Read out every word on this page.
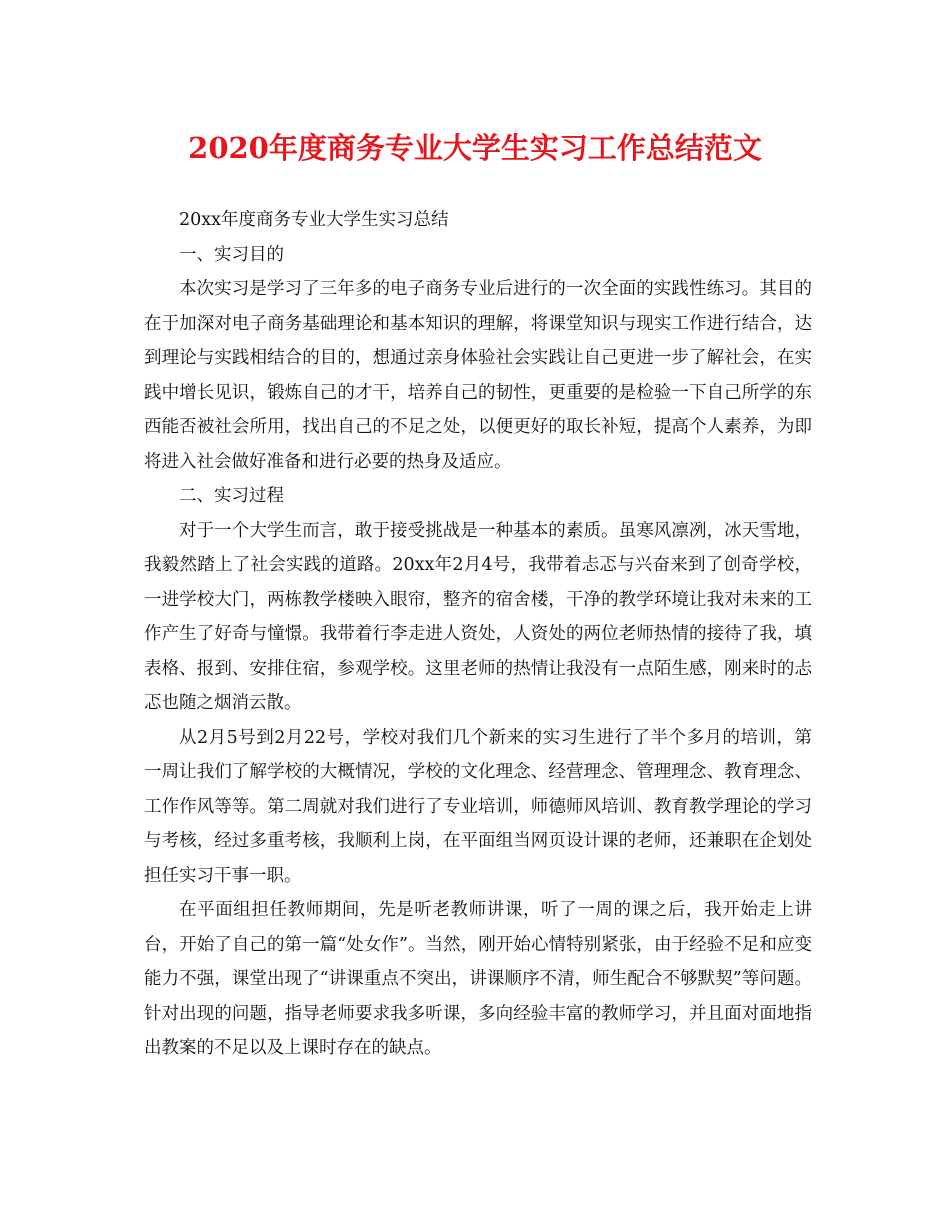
2020年度商务专业大学生实习工作总结范文

20xx年度商务专业大学生实习总结

一、实习目的

本次实习是学习了三年多的电子商务专业后进行的一次全面的实践性练习。其目的在于加深对电子商务基础理论和基本知识的理解，将课堂知识与现实工作进行结合，达到理论与实践相结合的目的，想通过亲身体验社会实践让自己更进一步了解社会，在实践中增长见识，锻炼自己的才干，培养自己的韧性，更重要的是检验一下自己所学的东西能否被社会所用，找出自己的不足之处，以便更好的取长补短，提高个人素养，为即将进入社会做好准备和进行必要的热身及适应。

二、实习过程

对于一个大学生而言，敢于接受挑战是一种基本的素质。虽寒风凛冽，冰天雪地，我毅然踏上了社会实践的道路。20xx年2月4号，我带着忐忑与兴奋来到了创奇学校，一进学校大门，两栋教学楼映入眼帘，整齐的宿舍楼，干净的教学环境让我对未来的工作产生了好奇与憧憬。我带着行李走进人资处，人资处的两位老师热情的接待了我，填表格、报到、安排住宿，参观学校。这里老师的热情让我没有一点陌生感，刚来时的忐忑也随之烟消云散。

从2月5号到2月22号，学校对我们几个新来的实习生进行了半个多月的培训，第一周让我们了解学校的大概情况，学校的文化理念、经营理念、管理理念、教育理念、工作作风等等。第二周就对我们进行了专业培训，师德师风培训、教育教学理论的学习与考核，经过多重考核，我顺利上岗，在平面组当网页设计课的老师，还兼职在企划处担任实习干事一职。

在平面组担任教师期间，先是听老教师讲课，听了一周的课之后，我开始走上讲台，开始了自己的第一篇“处女作”。当然，刚开始心情特别紧张，由于经验不足和应变能力不强，课堂出现了“讲课重点不突出，讲课顺序不清，师生配合不够默契”等问题。针对出现的问题，指导老师要求我多听课，多向经验丰富的教师学习，并且面对面地指出教案的不足以及上课时存在的缺点。
